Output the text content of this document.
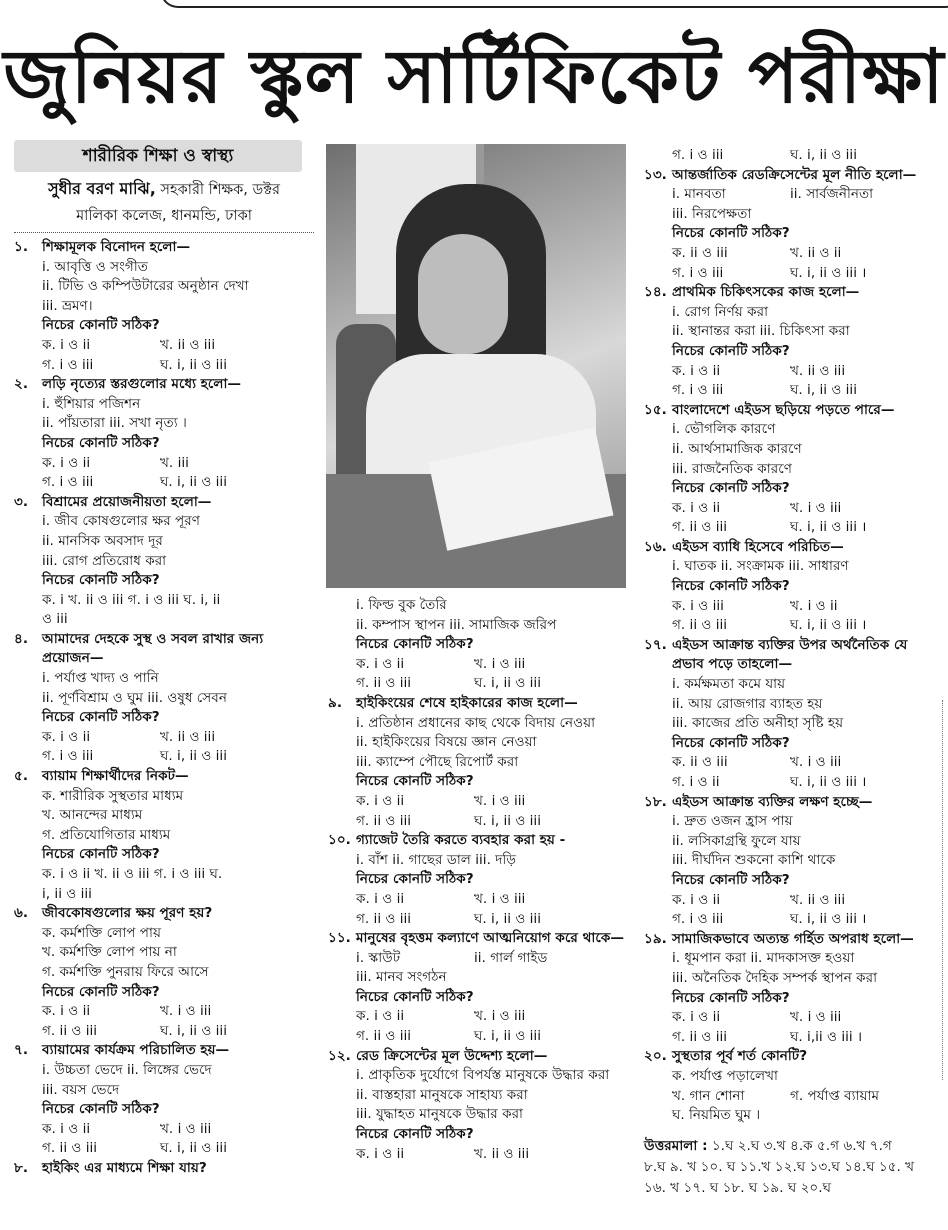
জুনিয়র স্কুল সার্টিফিকেট পরীক্ষা
শারীরিক শিক্ষা ও স্বাস্থ্য
সুধীর বরণ মাঝি, সহকারী শিক্ষক, ডক্টর
মালিকা কলেজ, ধানমন্ডি, ঢাকা
১.	শিক্ষামূলক বিনোদন হলো—
i. আবৃত্তি ও সংগীত
ii. টিভি ও কম্পিউটারের অনুষ্ঠান দেখা
iii. ভ্রমণ।
নিচের কোনটি সঠিক?
ক. i ও ii	খ. ii ও iii
গ. i ও iii	ঘ. i, ii ও iii
২.	লড়ি নৃত্যের স্তরগুলোর মধ্যে হলো—
i. হুঁশিয়ার পজিশন
ii. পাঁয়তারা iii. সখা নৃত্য ।
নিচের কোনটি সঠিক?
ক. i ও ii	খ. iii
গ. i ও iii	ঘ. i, ii ও iii
৩.	বিশ্রামের প্রয়োজনীয়তা হলো—
i. জীব কোষগুলোর ক্ষর পূরণ
ii. মানসিক অবসাদ দূর
iii. রোগ প্রতিরোধ করা
নিচের কোনটি সঠিক?
ক. i খ. ii ও iii গ. i ও iii ঘ. i, ii
ও iii
৪.	আমাদের দেহকে সুস্থ ও সবল রাখার জন্য প্রয়োজন—
i. পর্যাপ্ত খাদ্য ও পানি
ii. পূর্ণবিশ্রাম ও ঘুম iii. ওষুধ সেবন
নিচের কোনটি সঠিক?
ক. i ও ii	খ. ii ও iii
গ. i ও iii	ঘ. i, ii ও iii
৫.	ব্যায়াম শিক্ষার্থীদের নিকট—
ক. শারীরিক সুস্থতার মাধ্যম
খ. আনন্দের মাধ্যম
গ. প্রতিযোগিতার মাধ্যম
নিচের কোনটি সঠিক?
ক. i ও ii খ. ii ও iii গ. i ও iii ঘ.
i, ii ও iii
৬.	জীবকোষগুলোর ক্ষয় পূরণ হয়?
ক. কর্মশক্তি লোপ পায়
খ. কর্মশক্তি লোপ পায় না
গ. কর্মশক্তি পুনরায় ফিরে আসে
নিচের কোনটি সঠিক?
ক. i ও ii	খ. i ও iii
গ. ii ও iii	ঘ. i, ii ও iii
৭.	ব্যায়ামের কার্যক্রম পরিচালিত হয়—
i. উচ্চতা ভেদে ii. লিঙ্গের ভেদে
iii. বয়স ভেদে
নিচের কোনটি সঠিক?
ক. i ও ii	খ. i ও iii
গ. ii ও iii	ঘ. i, ii ও iii
৮.	হাইকিং এর মাধ্যমে শিক্ষা যায়?
i. ফিল্ড বুক তৈরি
ii. কম্পাস স্থাপন iii. সামাজিক জরিপ
নিচের কোনটি সঠিক?
ক. i ও ii	খ. i ও iii
গ. ii ও iii	ঘ. i, ii ও iii
৯.	হাইকিংয়ের শেষে হাইকারের কাজ হলো—
i. প্রতিষ্ঠান প্রধানের কাছ থেকে বিদায় নেওয়া
ii. হাইকিংয়ের বিষয়ে জ্ঞান নেওয়া
iii. ক্যাম্পে পৌছে রিপোর্ট করা
নিচের কোনটি সঠিক?
ক. i ও ii	খ. i ও iii
গ. ii ও iii	ঘ. i, ii ও iii
১০. গ্যাজেট তৈরি করতে ব্যবহার করা হয় -
i. বাঁশ ii. গাছের ডাল iii. দড়ি
নিচের কোনটি সঠিক?
ক. i ও ii	খ. i ও iii
গ. ii ও iii	ঘ. i, ii ও iii
১১. মানুষের বৃহত্তম কল্যাণে আত্মনিয়োগ করে থাকে—
i. স্কাউট	ii. গার্ল গাইড
iii. মানব সংগঠন
নিচের কোনটি সঠিক?
ক. i ও ii	খ. i ও iii
গ. ii ও iii	ঘ. i, ii ও iii
১২. রেড ক্রিসেন্টের মূল উদ্দেশ্য হলো—
i. প্রাকৃতিক দুর্যোগে বিপর্যস্ত মানুষকে উদ্ধার করা
ii. বাস্তহারা মানুষকে সাহায্য করা
iii. যুদ্ধাহত মানুষকে উদ্ধার করা
নিচের কোনটি সঠিক?
ক. i ও ii	খ. ii ও iii
গ. i ও iii	ঘ. i, ii ও iii
১৩. আন্তর্জাতিক রেডক্রিসেন্টের মূল নীতি হলো—
i. মানবতা	ii. সার্বজনীনতা
iii. নিরপেক্ষতা
নিচের কোনটি সঠিক?
ক. ii ও iii	খ. ii ও ii
গ. i ও iii	ঘ. i, ii ও iii ।
১৪. প্রাথমিক চিকিৎসকের কাজ হলো—
i. রোগ নির্ণয় করা
ii. স্থানান্তর করা iii. চিকিৎসা করা
নিচের কোনটি সঠিক?
ক. i ও ii	খ. ii ও iii
গ. i ও iii	ঘ. i, ii ও iii
১৫. বাংলাদেশে এইডস ছড়িয়ে পড়তে পারে—
i. ভৌগলিক কারণে
ii. আর্থসামাজিক কারণে
iii. রাজনৈতিক কারণে
নিচের কোনটি সঠিক?
ক. i ও ii	খ. i ও iii
গ. ii ও iii	ঘ. i, ii ও iii ।
১৬. এইডস ব্যাধি হিসেবে পরিচিত—
i. ঘাতক ii. সংক্রামক iii. সাধারণ
নিচের কোনটি সঠিক?
ক. i ও iii	খ. i ও ii
গ. ii ও iii	ঘ. i, ii ও iii ।
১৭. এইডস আক্রান্ত ব্যক্তির উপর অর্থনৈতিক যে প্রভাব পড়ে তাহলো—
i. কর্মক্ষমতা কমে যায়
ii. আয় রোজগার ব্যাহত হয়
iii. কাজের প্রতি অনীহা সৃষ্টি হয়
নিচের কোনটি সঠিক?
ক. ii ও iii	খ. i ও iii
গ. i ও ii	ঘ. i, ii ও iii ।
১৮. এইডস আক্রান্ত ব্যক্তির লক্ষণ হচ্ছে—
i. দ্রুত ওজন হ্রাস পায়
ii. লসিকাগ্রন্থি ফুলে যায়
iii. দীর্ঘদিন শুকনো কাশি থাকে
নিচের কোনটি সঠিক?
ক. i ও ii	খ. ii ও iii
গ. i ও iii	ঘ. i, ii ও iii ।
১৯. সামাজিকভাবে অত্যন্ত গর্হিত অপরাধ হলো—
i. ধূমপান করা ii. মাদকাসক্ত হওয়া
iii. অনৈতিক দৈহিক সম্পর্ক স্থাপন করা
নিচের কোনটি সঠিক?
ক. i ও ii	খ. i ও iii
গ. ii ও iii	ঘ. i,ii ও iii ।
২০. সুস্থতার পূর্ব শর্ত কোনটি?
ক. পর্যাপ্ত পড়ালেখা
খ. গান শোনা	গ. পর্যাপ্ত ব্যায়াম
ঘ. নিয়মিত ঘুম ।
উত্তরমালা : ১.ঘ ২.ঘ ৩.খ ৪.ক ৫.গ ৬.খ ৭.গ
৮.ঘ ৯. খ ১০. ঘ ১১.খ ১২.ঘ ১৩.ঘ ১৪.ঘ ১৫. খ
১৬. খ ১৭. ঘ ১৮. ঘ ১৯. ঘ ২০.ঘ
